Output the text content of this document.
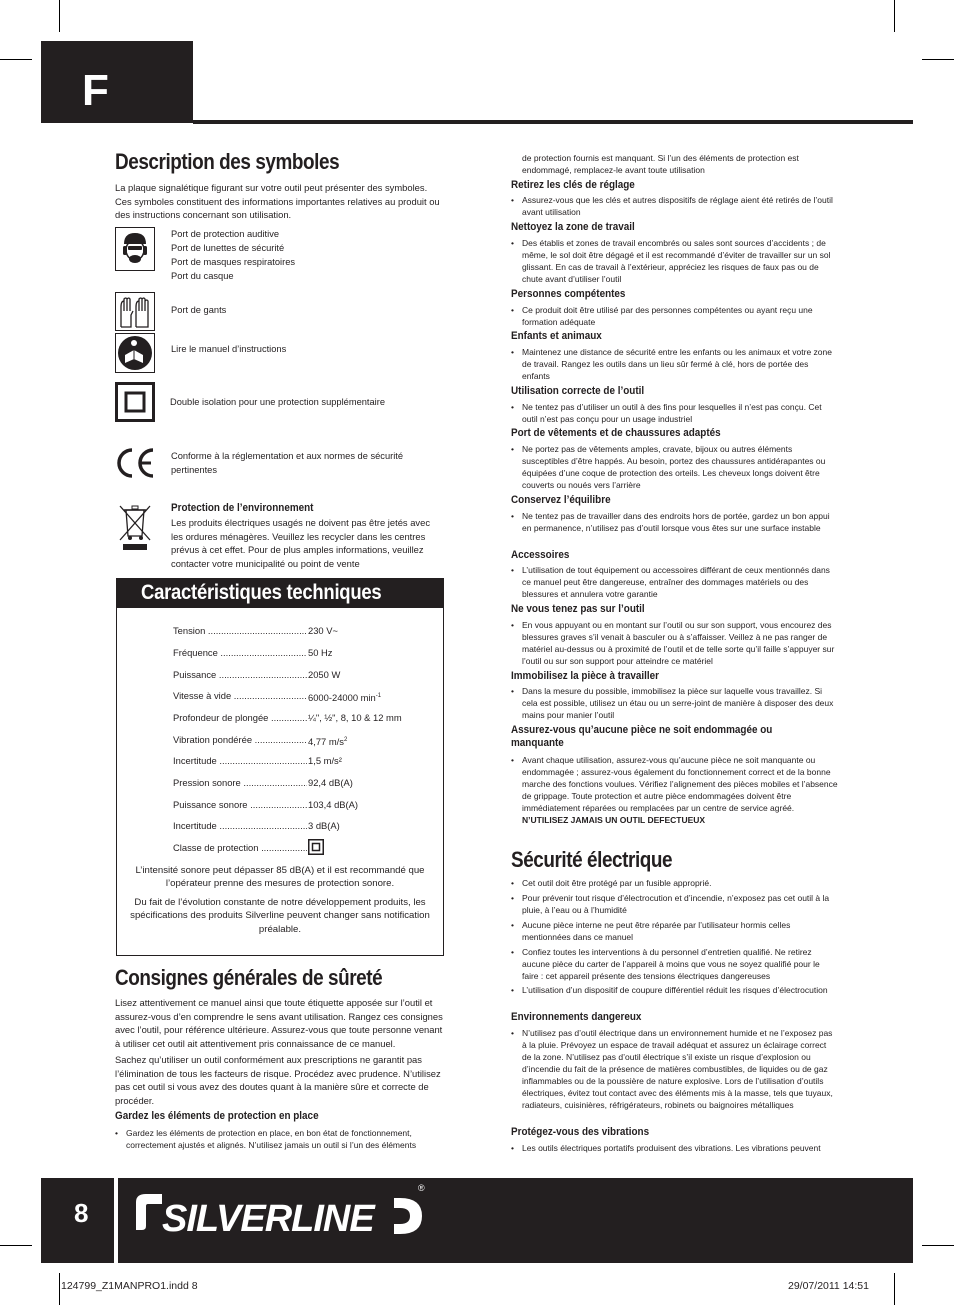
F
Description des symboles
La plaque signalétique figurant sur votre outil peut présenter des symboles. Ces symboles constituent des informations importantes relatives au produit ou des instructions concernant son utilisation.
Port de protection auditive
Port de lunettes de sécurité
Port de masques respiratoires
Port du casque
Port de gants
Lire le manuel d’instructions
Double isolation pour une protection supplémentaire
Conforme à la réglementation et aux normes de sécurité
pertinentes
Protection de l’environnement
Les produits électriques usagés ne doivent pas être jetés avec les ordures ménagères. Veuillez les recycler dans les centres prévus à cet effet. Pour de plus amples informations, veuillez contacter votre municipalité ou point de vente
Caractéristiques techniques
Tension .....	230 V~
Fréquence .....	50 Hz
Puissance .....	2050 W
Vitesse à vide .....	6000-24000 $\min^{-1}$
Profondeur de plongée .....	¼", ½", 8, 10 & 12 mm
Vibration pondérée .....	4,77 $m/s^2$
Incertitude .....	1,5 m/s²
Pression sonore .....	92,4 dB(A)
Puissance sonore .....	103,4 dB(A)
Incertitude .....	3 dB(A)
Classe de protection .....
L’intensité sonore peut dépasser 85 dB(A) et il est recommandé que l’opérateur prenne des mesures de protection sonore.
Du fait de l’évolution constante de notre développement produits, les spécifications des produits Silverline peuvent changer sans notification préalable.
Consignes générales de sûreté
Lisez attentivement ce manuel ainsi que toute étiquette apposée sur l’outil et assurez-vous d’en comprendre le sens avant utilisation. Rangez ces consignes avec l’outil, pour référence ultérieure. Assurez-vous que toute personne venant à utiliser cet outil ait attentivement pris connaissance de ce manuel.
Sachez qu’utiliser un outil conformément aux prescriptions ne garantit pas l’élimination de tous les facteurs de risque. Procédez avec prudence. N’utilisez pas cet outil si vous avez des doutes quant à la manière sûre et correcte de procéder.
Gardez les éléments de protection en place
• Gardez les éléments de protection en place, en bon état de fonctionnement, correctement ajustés et alignés. N’utilisez jamais un outil si l’un des éléments
de protection fournis est manquant. Si l’un des éléments de protection est endommagé, remplacez-le avant toute utilisation
Retirez les clés de réglage
• Assurez-vous que les clés et autres dispositifs de réglage aient été retirés de l’outil avant utilisation
Nettoyez la zone de travail
• Des établis et zones de travail encombrés ou sales sont sources d’accidents ; de même, le sol doit être dégagé et il est recommandé d’éviter de travailler sur un sol glissant. En cas de travail à l’extérieur, appréciez les risques de faux pas ou de chute avant d’utiliser l’outil
Personnes compétentes
• Ce produit doit être utilisé par des personnes compétentes ou ayant reçu une formation adéquate
Enfants et animaux
• Maintenez une distance de sécurité entre les enfants ou les animaux et votre zone de travail. Rangez les outils dans un lieu sûr fermé à clé, hors de portée des enfants
Utilisation correcte de l’outil
• Ne tentez pas d’utiliser un outil à des fins pour lesquelles il n’est pas conçu. Cet outil n’est pas conçu pour un usage industriel
Port de vêtements et de chaussures adaptés
• Ne portez pas de vêtements amples, cravate, bijoux ou autres éléments susceptibles d’être happés. Au besoin, portez des chaussures antidérapantes ou équipées d’une coque de protection des orteils. Les cheveux longs doivent être couverts ou noués vers l’arrière
Conservez l’équilibre
• Ne tentez pas de travailler dans des endroits hors de portée, gardez un bon appui en permanence, n’utilisez pas d’outil lorsque vous êtes sur une surface instable
Accessoires
• L’utilisation de tout équipement ou accessoires différant de ceux mentionnés dans ce manuel peut être dangereuse, entraîner des dommages matériels ou des blessures et annulera votre garantie
Ne vous tenez pas sur l’outil
• En vous appuyant ou en montant sur l’outil ou sur son support, vous encourez des blessures graves s’il venait à basculer ou à s’affaisser. Veillez à ne pas ranger de matériel au-dessus ou à proximité de l’outil et de telle sorte qu’il faille s’appuyer sur l’outil ou sur son support pour atteindre ce matériel
Immobilisez la pièce à travailler
• Dans la mesure du possible, immobilisez la pièce sur laquelle vous travaillez. Si cela est possible, utilisez un étau ou un serre-joint de manière à disposer des deux mains pour manier l’outil
Assurez-vous qu’aucune pièce ne soit endommagée ou manquante
• Avant chaque utilisation, assurez-vous qu’aucune pièce ne soit manquante ou endommagée ; assurez-vous également du fonctionnement correct et de la bonne marche des fonctions voulues. Vérifiez l’alignement des pièces mobiles et l’absence de grippage. Toute protection et autre pièce endommagées doivent être immédiatement réparées ou remplacées par un centre de service agréé. N’UTILISEZ JAMAIS UN OUTIL DEFECTUEUX
Sécurité électrique
• Cet outil doit être protégé par un fusible approprié.
• Pour prévenir tout risque d’électrocution et d’incendie, n’exposez pas cet outil à la pluie, à l’eau ou à l’humidité
• Aucune pièce interne ne peut être réparée par l’utilisateur hormis celles mentionnées dans ce manuel
• Confiez toutes les interventions à du personnel d’entretien qualifié. Ne retirez aucune pièce du carter de l’appareil à moins que vous ne soyez qualifié pour le faire : cet appareil présente des tensions électriques dangereuses
• L’utilisation d’un dispositif de coupure différentiel réduit les risques d’électrocution
Environnements dangereux
• N’utilisez pas d’outil électrique dans un environnement humide et ne l’exposez pas à la pluie. Prévoyez un espace de travail adéquat et assurez un éclairage correct de la zone. N’utilisez pas d’outil électrique s’il existe un risque d’explosion ou d’incendie du fait de la présence de matières combustibles, de liquides ou de gaz inflammables ou de la poussière de nature explosive. Lors de l’utilisation d’outils électriques, évitez tout contact avec des éléments mis à la masse, tels que tuyaux, radiateurs, cuisinières, réfrigérateurs, robinets ou baignoires métalliques
Protégez-vous des vibrations
• Les outils électriques portatifs produisent des vibrations. Les vibrations peuvent
8	SILVERLINE
®
124799_Z1MANPRO1.indd 8	29/07/2011 14:51
